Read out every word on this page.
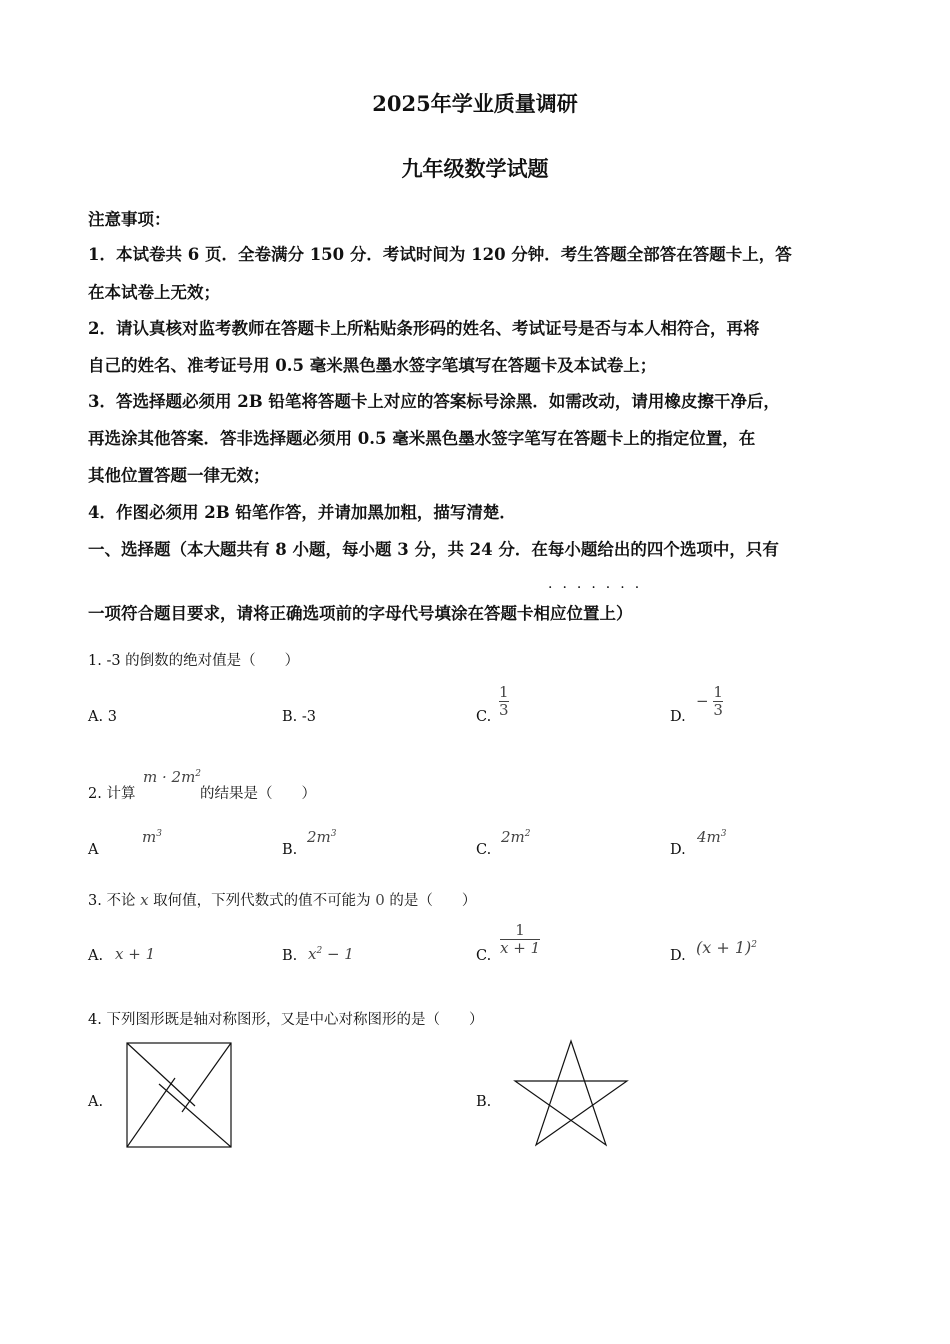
2025年学业质量调研
九年级数学试题
注意事项：
1．本试卷共 6 页．全卷满分 150 分．考试时间为 120 分钟．考生答题全部答在答题卡上，答
在本试卷上无效；
2．请认真核对监考教师在答题卡上所粘贴条形码的姓名、考试证号是否与本人相符合，再将
自己的姓名、准考证号用 0.5 毫米黑色墨水签字笔填写在答题卡及本试卷上；
3．答选择题必须用 2B 铅笔将答题卡上对应的答案标号涂黑．如需改动，请用橡皮擦干净后，
再选涂其他答案．答非选择题必须用 0.5 毫米黑色墨水签字笔写在答题卡上的指定位置，在
其他位置答题一律无效；
4．作图必须用 2B 铅笔作答，并请加黑加粗，描写清楚．
一、选择题（本大题共有 8 小题，每小题 3 分，共 24 分．在每小题给出的四个选项中，只有
·······
一项符合题目要求，请将正确选项前的字母代号填涂在答题卡相应位置上）
1. -3 的倒数的绝对值是（　　）
A. 3	B. -3	C. $\frac{1}{3}$	D.
− $\frac{1}{3}$
2. 计算
$m \cdot 2m^2$
的结果是（　　）
A
$m^3$
B.
$2m^3$
C.
$2m^2$
D.
$4m^3$
3. 不论 x 取何值，下列代数式的值不可能为 0 的是（　　）
A. x + 1	B. $x^2 - 1$	C. $\frac{1}{x + 1}$	D. $(x + 1)^2$
4. 下列图形既是轴对称图形，又是中心对称图形的是（　　）
A.	B.
